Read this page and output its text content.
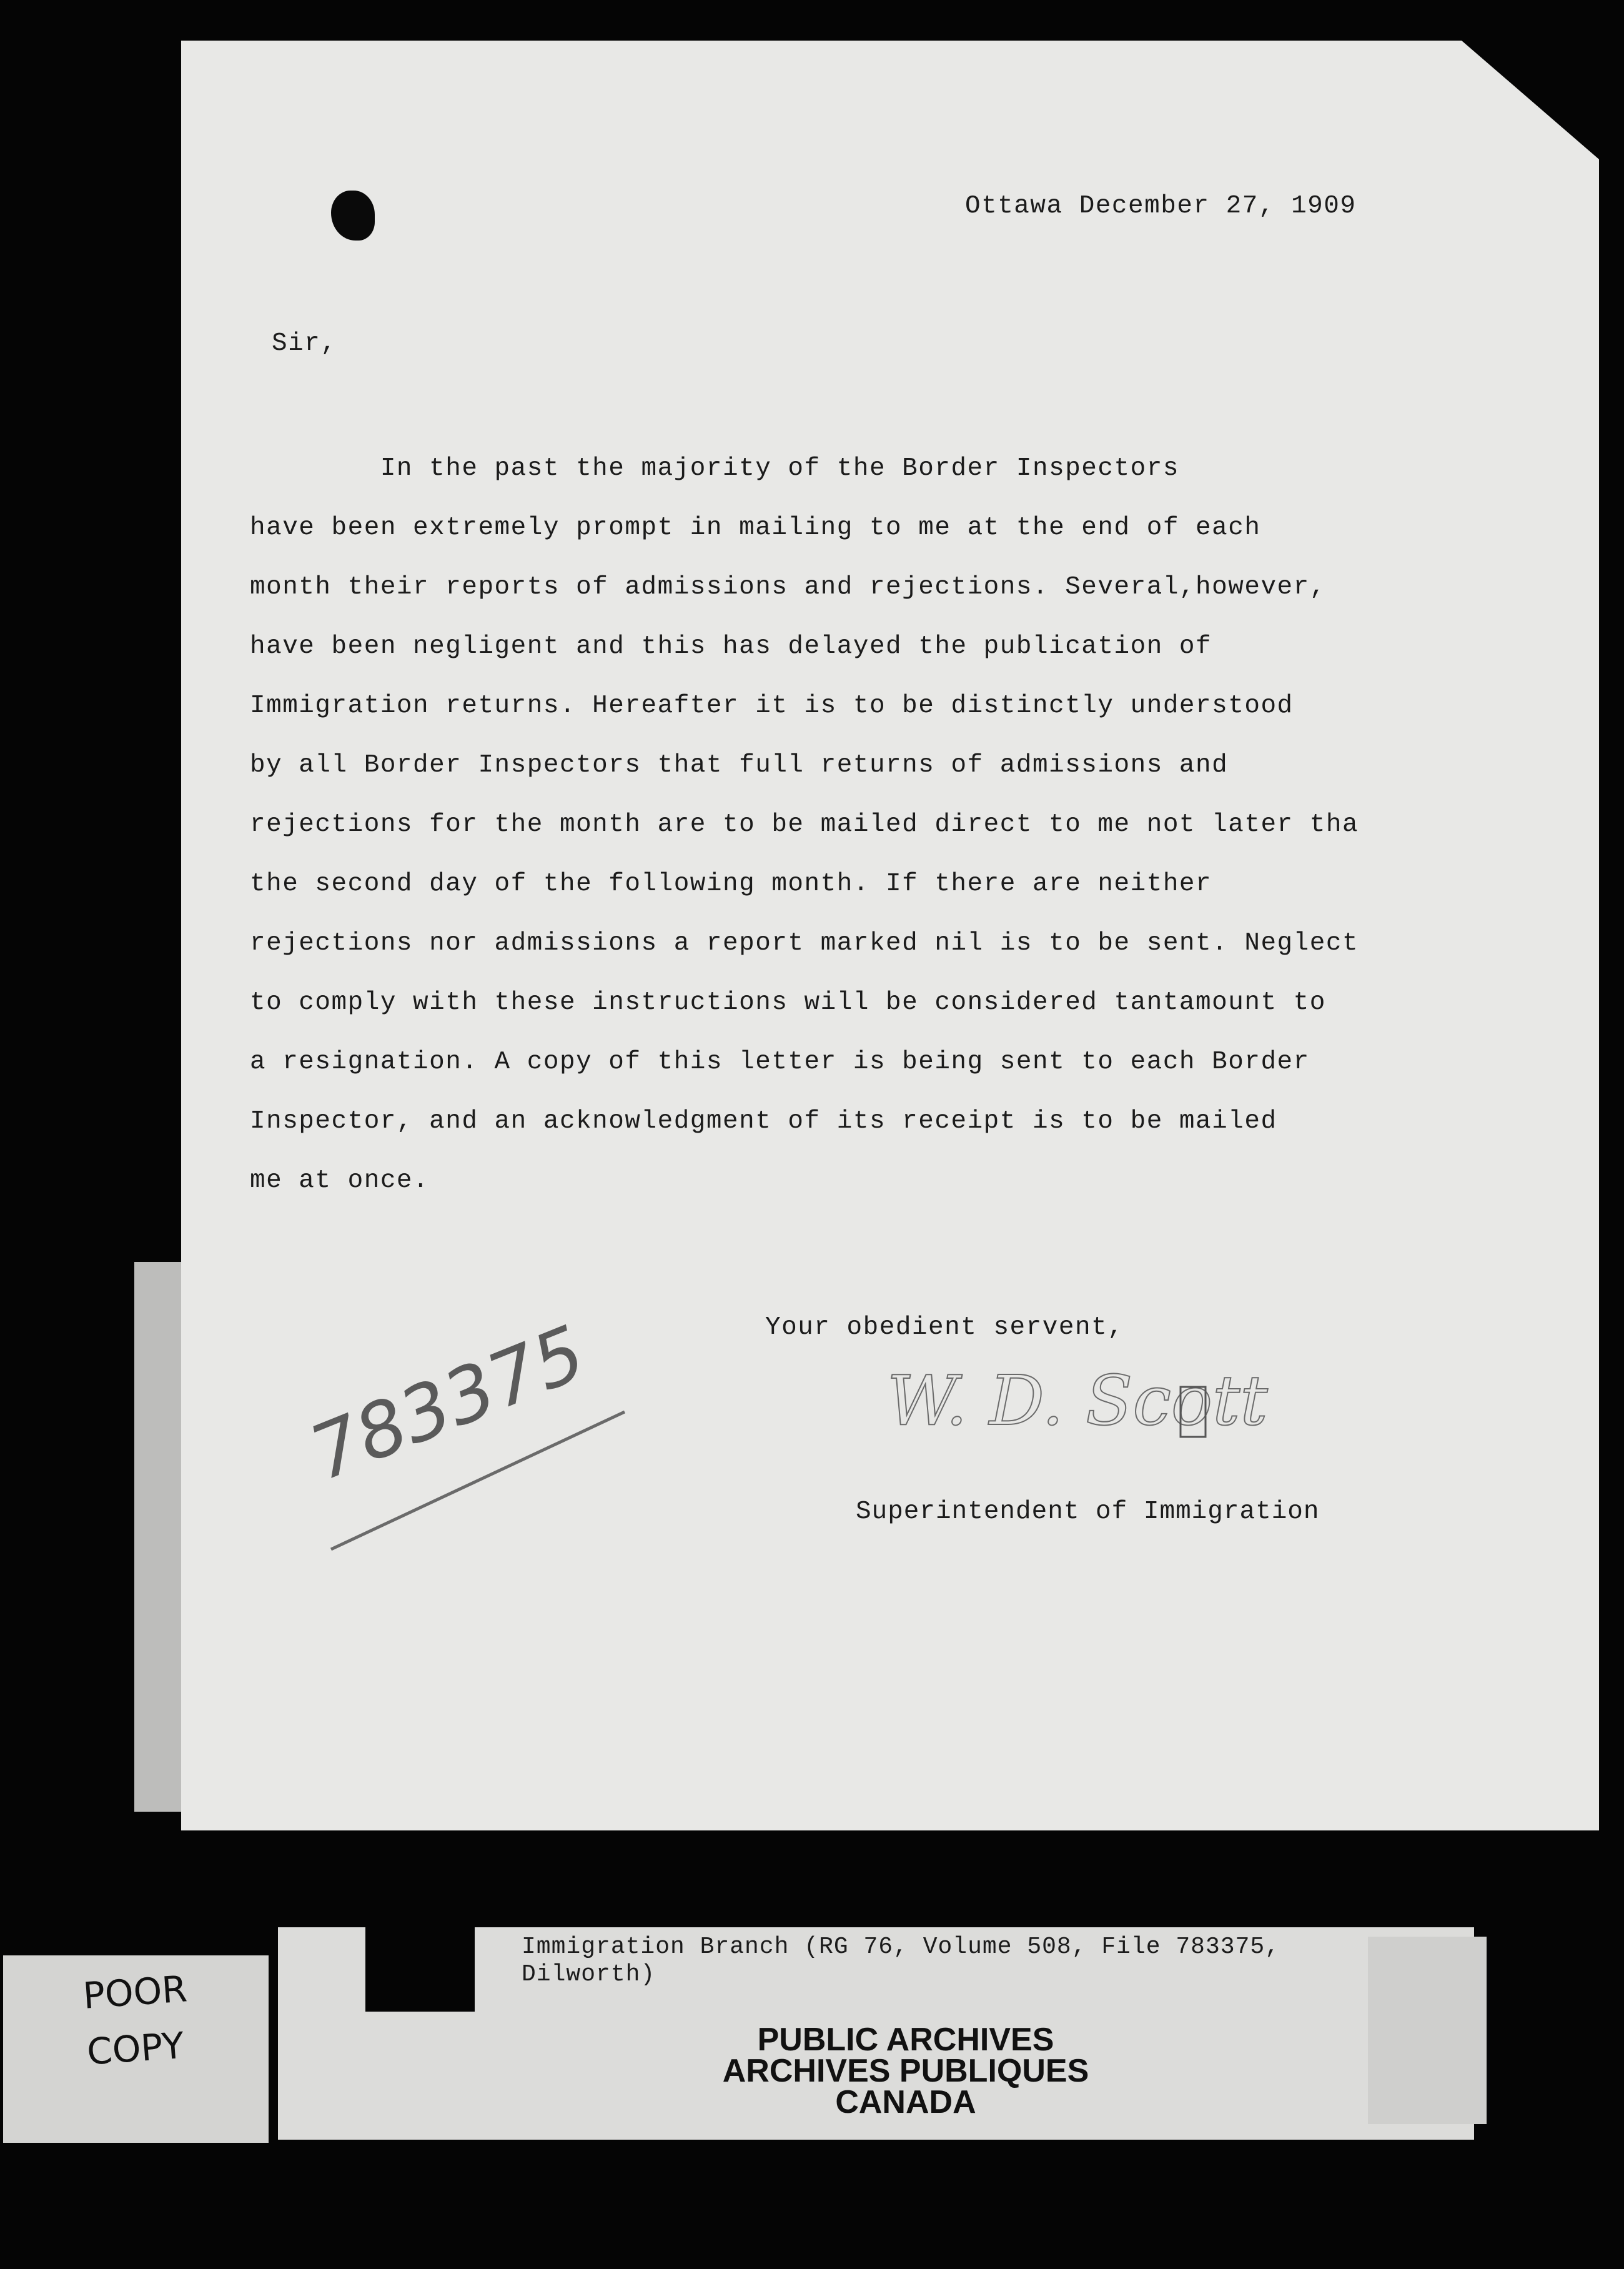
Ottawa December 27, 1909
Sir,
In the past the majority of the Border Inspectors
have been extremely prompt in mailing to me at the end of each
month their reports of admissions and rejections. Several,however,
have been negligent and this has delayed the publication of
Immigration returns. Hereafter it is to be distinctly understood
by all Border Inspectors that full returns of admissions and
rejections for the month are to be mailed direct to me not later tha
the second day of the following month. If there are neither
rejections nor admissions a report marked nil is to be sent. Neglect
to comply with these instructions will be considered tantamount to
a resignation. A copy of this letter is being sent to each Border
Inspector, and an acknowledgment of its receipt is to be mailed
me at once.
Your obedient servent,
W. D. Scott
Superintendent of Immigration
783375
Immigration Branch (RG 76, Volume 508, File 783375,
Dilworth)
PUBLIC ARCHIVES
ARCHIVES PUBLIQUES
CANADA
POOR
COPY
